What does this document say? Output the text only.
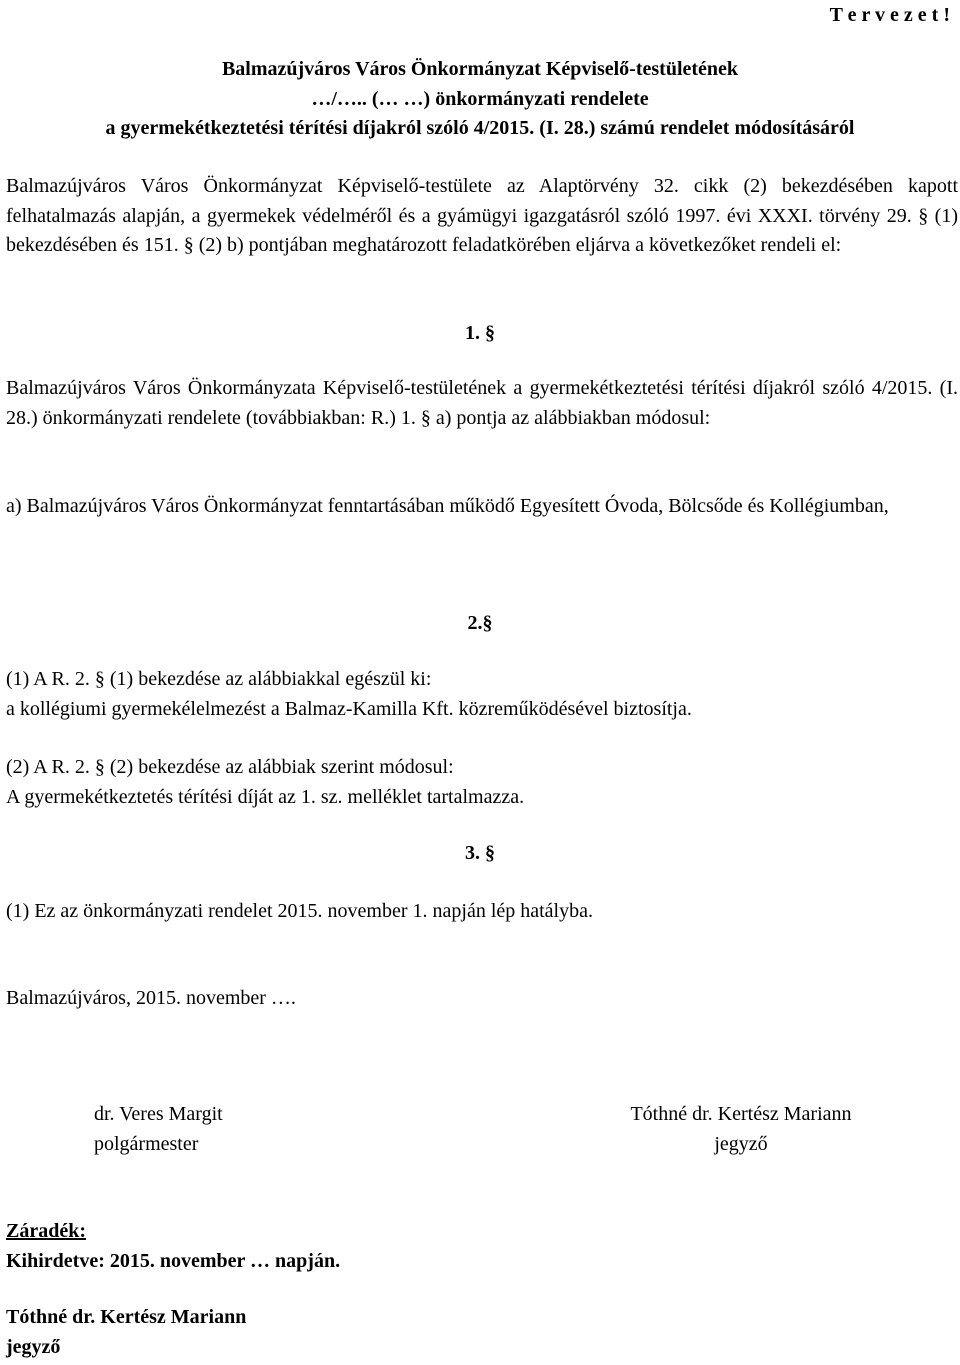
T e r v e z e t !
Balmazújváros Város Önkormányzat Képviselő-testületének
…/….. (… …) önkormányzati rendelete
a gyermekétkeztetési térítési díjakról szóló 4/2015. (I. 28.) számú rendelet módosításáról
Balmazújváros Város Önkormányzat Képviselő-testülete az Alaptörvény 32. cikk (2) bekezdésében kapott felhatalmazás alapján, a gyermekek védelméről és a gyámügyi igazgatásról szóló 1997. évi XXXI. törvény 29. § (1) bekezdésében és 151. § (2) b) pontjában meghatározott feladatkörében eljárva a következőket rendeli el:
1. §
Balmazújváros Város Önkormányzata Képviselő-testületének a gyermekétkeztetési térítési díjakról szóló 4/2015. (I. 28.) önkormányzati rendelete (továbbiakban: R.) 1. § a) pontja az alábbiakban módosul:
a) Balmazújváros Város Önkormányzat fenntartásában működő Egyesített Óvoda, Bölcsőde és Kollégiumban,
2.§
(1) A R. 2. § (1) bekezdése az alábbiakkal egészül ki:
a kollégiumi gyermekélelmezést a Balmaz-Kamilla Kft. közreműködésével biztosítja.
(2) A R. 2. § (2) bekezdése az alábbiak szerint módosul:
A gyermekétkeztetés térítési díját az 1. sz. melléklet tartalmazza.
3. §
(1) Ez az önkormányzati rendelet 2015. november 1. napján lép hatályba.
Balmazújváros, 2015. november ….
dr. Veres Margit
polgármester
Tóthné dr. Kertész Mariann
jegyző
Záradék:
Kihirdetve: 2015. november … napján.
Tóthné dr. Kertész Mariann
jegyző
